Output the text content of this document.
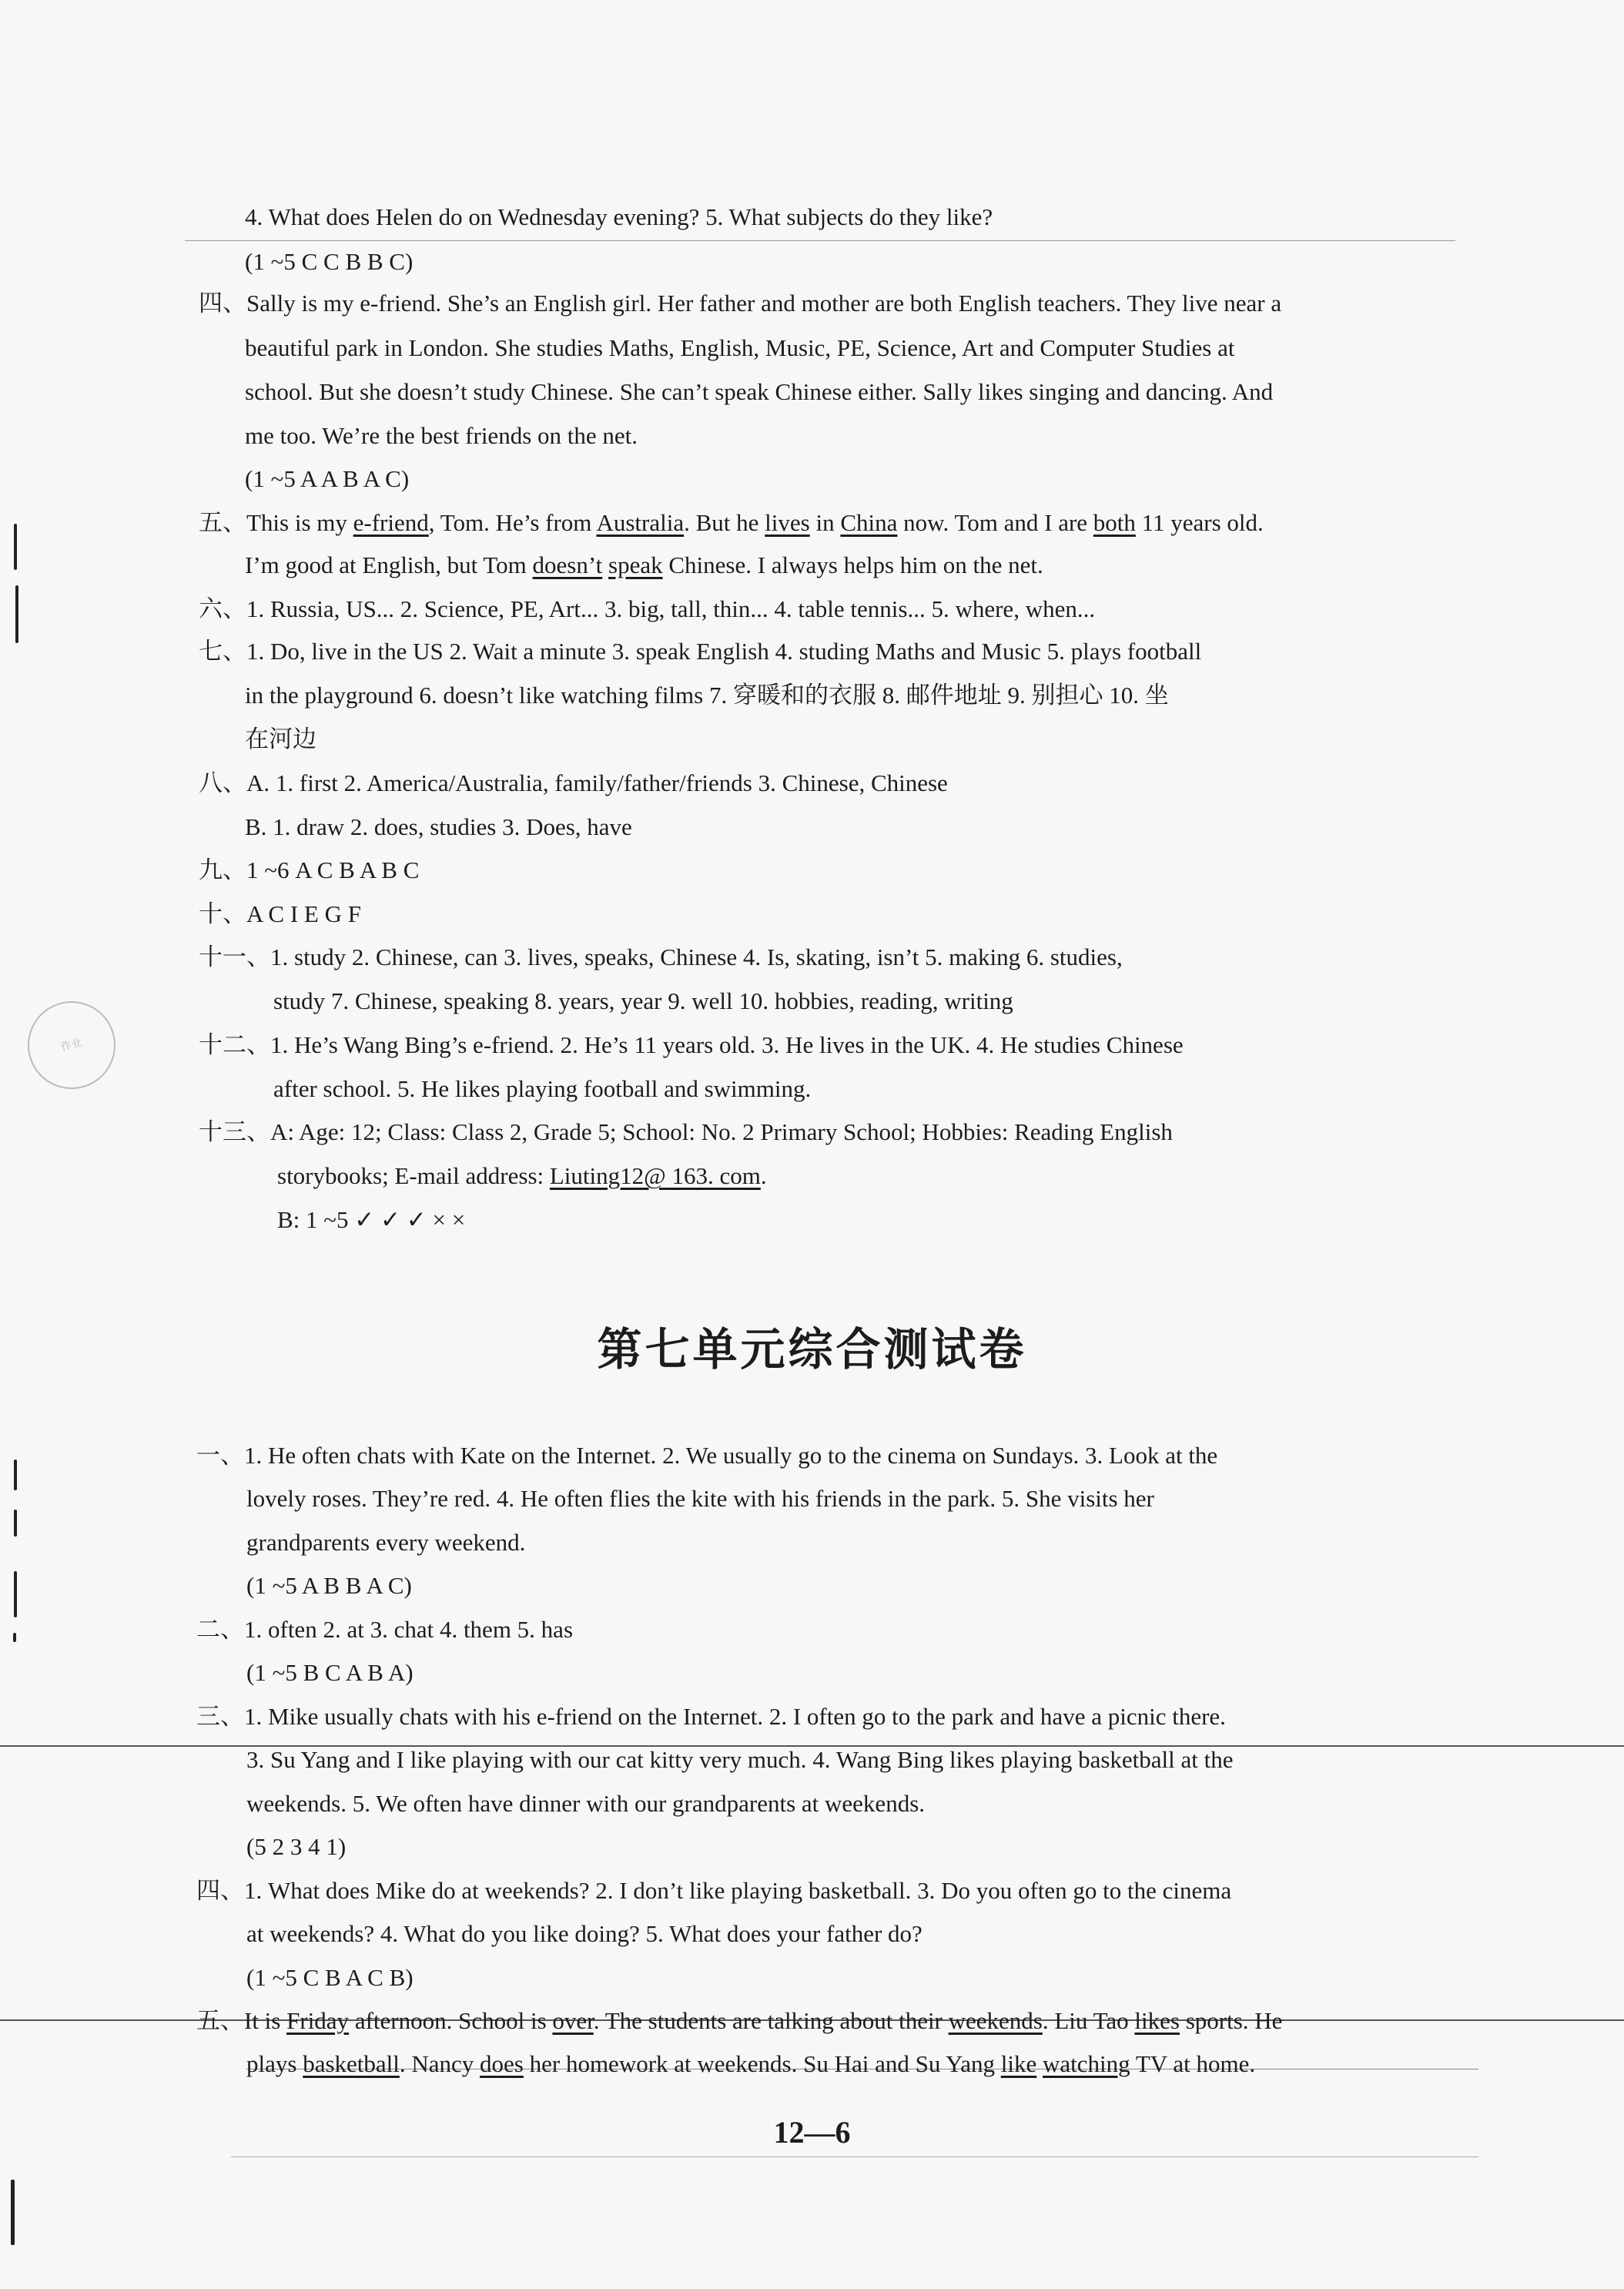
作业
4. What does Helen do on Wednesday evening? 5. What subjects do they like?
(1 ~5 C C B B C)
四、Sally is my e-friend. She’s an English girl. Her father and mother are both English teachers. They live near a
beautiful park in London. She studies Maths, English, Music, PE, Science, Art and Computer Studies at
school. But she doesn’t study Chinese. She can’t speak Chinese either. Sally likes singing and dancing. And
me too. We’re the best friends on the net.
(1 ~5 A A B A C)
五、This is my e-friend, Tom. He’s from Australia. But he lives in China now. Tom and I are both 11 years old.
I’m good at English, but Tom doesn’t speak Chinese. I always helps him on the net.
六、1. Russia, US... 2. Science, PE, Art... 3. big, tall, thin... 4. table tennis... 5. where, when...
七、1. Do, live in the US 2. Wait a minute 3. speak English 4. studing Maths and Music 5. plays football
in the playground 6. doesn’t like watching films 7. 穿暖和的衣服 8. 邮件地址 9. 别担心 10. 坐
在河边
八、A. 1. first 2. America/Australia, family/father/friends 3. Chinese, Chinese
B. 1. draw 2. does, studies 3. Does, have
九、1 ~6 A C B A B C
十、A C I E G F
十一、1. study 2. Chinese, can 3. lives, speaks, Chinese 4. Is, skating, isn’t 5. making 6. studies,
study 7. Chinese, speaking 8. years, year 9. well 10. hobbies, reading, writing
十二、1. He’s Wang Bing’s e-friend. 2. He’s 11 years old. 3. He lives in the UK. 4. He studies Chinese
after school. 5. He likes playing football and swimming.
十三、A: Age: 12; Class: Class 2, Grade 5; School: No. 2 Primary School; Hobbies: Reading English
storybooks; E-mail address: Liuting12@ 163. com.
B: 1 ~5 ✓ ✓ ✓ × ×
第七单元综合测试卷
一、1. He often chats with Kate on the Internet. 2. We usually go to the cinema on Sundays. 3. Look at the
lovely roses. They’re red. 4. He often flies the kite with his friends in the park. 5. She visits her
grandparents every weekend.
(1 ~5 A B B A C)
二、1. often 2. at 3. chat 4. them 5. has
(1 ~5 B C A B A)
三、1. Mike usually chats with his e-friend on the Internet. 2. I often go to the park and have a picnic there.
3. Su Yang and I like playing with our cat kitty very much. 4. Wang Bing likes playing basketball at the
weekends. 5. We often have dinner with our grandparents at weekends.
(5 2 3 4 1)
四、1. What does Mike do at weekends? 2. I don’t like playing basketball. 3. Do you often go to the cinema
at weekends? 4. What do you like doing? 5. What does your father do?
(1 ~5 C B A C B)
五、It is Friday afternoon. School is over. The students are talking about their weekends. Liu Tao likes sports. He
plays basketball. Nancy does her homework at weekends. Su Hai and Su Yang like watching TV at home.
12—6
